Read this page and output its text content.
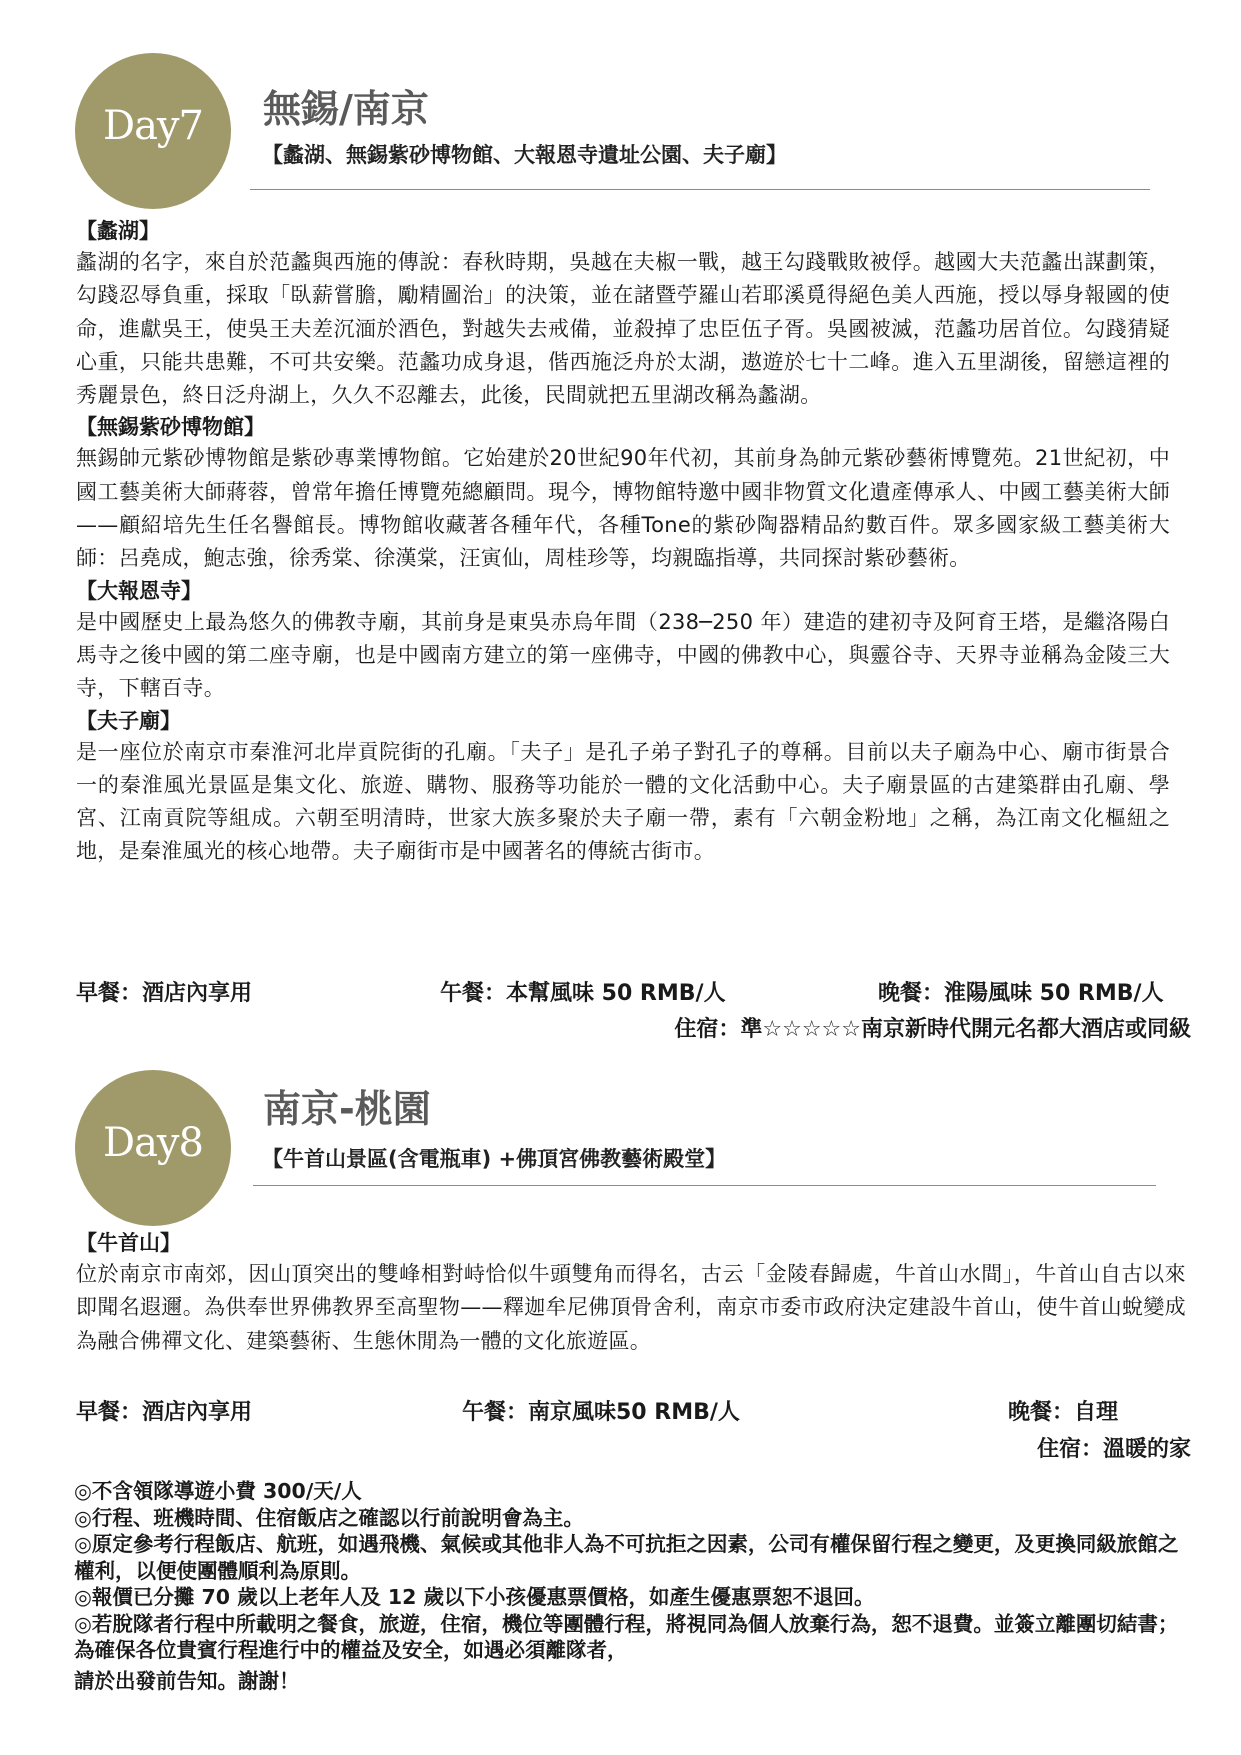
Day7 無錫/南京
【蠡湖、無錫紫砂博物館、大報恩寺遺址公園、夫子廟】
【蠡湖】
蠡湖的名字，來自於范蠡與西施的傳說：春秋時期，吳越在夫椒一戰，越王勾踐戰敗被俘。越國大夫范蠡出謀劃策，勾踐忍辱負重，採取「臥薪嘗膽，勵精圖治」的決策，並在諸暨苧羅山若耶溪覓得絕色美人西施，授以辱身報國的使命，進獻吳王，使吳王夫差沉湎於酒色，對越失去戒備，並殺掉了忠臣伍子胥。吳國被滅，范蠡功居首位。勾踐猜疑心重，只能共患難，不可共安樂。范蠡功成身退，偕西施泛舟於太湖，遨遊於七十二峰。進入五里湖後，留戀這裡的秀麗景色，終日泛舟湖上，久久不忍離去，此後，民間就把五里湖改稱為蠡湖。
【無錫紫砂博物館】
無錫帥元紫砂博物館是紫砂專業博物館。它始建於20世紀90年代初，其前身為帥元紫砂藝術博覽苑。21世紀初，中國工藝美術大師蔣蓉，曾常年擔任博覽苑總顧問。現今，博物館特邀中國非物質文化遺產傳承人、中國工藝美術大師——顧紹培先生任名譽館長。博物館收藏著各種年代，各種Tone的紫砂陶器精品約數百件。眾多國家級工藝美術大師：呂堯成，鮑志強，徐秀棠、徐漢棠，汪寅仙，周桂珍等，均親臨指導，共同探討紫砂藝術。
【大報恩寺】
是中國歷史上最為悠久的佛教寺廟，其前身是東吳赤烏年間（238─250 年）建造的建初寺及阿育王塔，是繼洛陽白馬寺之後中國的第二座寺廟，也是中國南方建立的第一座佛寺，中國的佛教中心，與靈谷寺、天界寺並稱為金陵三大寺，下轄百寺。
【夫子廟】
是一座位於南京市秦淮河北岸貢院街的孔廟。「夫子」是孔子弟子對孔子的尊稱。目前以夫子廟為中心、廟市街景合一的秦淮風光景區是集文化、旅遊、購物、服務等功能於一體的文化活動中心。夫子廟景區的古建築群由孔廟、學宮、江南貢院等組成。六朝至明清時，世家大族多聚於夫子廟一帶，素有「六朝金粉地」之稱，為江南文化樞紐之地，是秦淮風光的核心地帶。夫子廟街市是中國著名的傳統古街市。
早餐：酒店內享用	午餐：本幫風味 50 RMB/人	晚餐：淮陽風味 50 RMB/人
住宿：準☆☆☆☆☆南京新時代開元名都大酒店或同級
Day8
南京-桃園
【牛首山景區(含電瓶車) +佛頂宮佛教藝術殿堂】
【牛首山】
位於南京市南郊，因山頂突出的雙峰相對峙恰似牛頭雙角而得名，古云「金陵春歸處，牛首山水間」，牛首山自古以來即聞名遐邇。為供奉世界佛教界至高聖物——釋迦牟尼佛頂骨舍利，南京市委市政府決定建設牛首山，使牛首山蛻變成為融合佛禪文化、建築藝術、生態休閒為一體的文化旅遊區。
早餐：酒店內享用	午餐：南京風味50 RMB/人	晚餐：自理
住宿：溫暖的家
◎不含領隊導遊小費 300/天/人
◎行程、班機時間、住宿飯店之確認以行前說明會為主。
◎原定參考行程飯店、航班，如遇飛機、氣候或其他非人為不可抗拒之因素，公司有權保留行程之變更，及更換同級旅館之權利，以便使團體順利為原則。
◎報價已分攤 70 歲以上老年人及 12 歲以下小孩優惠票價格，如產生優惠票恕不退回。
◎若脫隊者行程中所載明之餐食，旅遊，住宿，機位等團體行程，將視同為個人放棄行為，恕不退費。並簽立離團切結書；為確保各位貴賓行程進行中的權益及安全，如遇必須離隊者，
請於出發前告知。謝謝！
